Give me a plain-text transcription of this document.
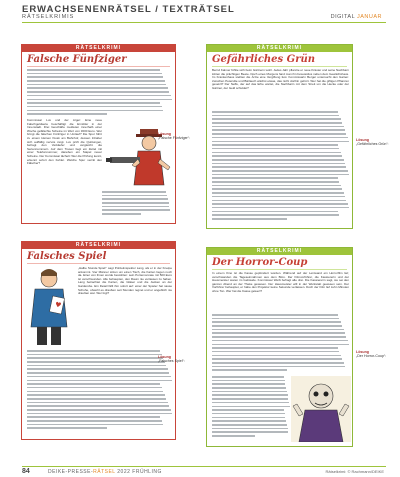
ERWACHSENENRÄTSEL / TEXTRÄTSEL
RÄTSELKRIMIS	DIGITAL JANUAR
RÄTSELKRIMI
Falsche Fünfziger
Kommissar Lux und der Ärger: Eine neue Falschgeldserie beschäftigt die Ermittler in der Innenstadt. Drei Geschäfte meldeten innerhalb einer Woche gefälschte Scheine im Wert von 3000 Euro. Wer bringt die falschen Fünfziger in Umlauf? Die Spur führt zu einem kleinen Kiosk am Bahnhof, dessen Inhaber sich auffällig nervös zeigt. Lux prüft die Quittungen, befragt den Verkäufer und vergleicht die Seriennummern. Auf dem Tresen liegt ein Zettel mit einer Telefonnummer, daneben ein Stapel neuer Scheine. Der Kommissar lächelt: Wer die Prüfung kennt, erkennt sofort den Fehler. Welche Spur verrät den Fälscher?
Lösung
„Falsche Fünfziger“:
RÄTSELKRIMI
Gefährliches Grün
Bernd Kalmer fühlte sich beim Gärtnern wohl. Jedes Jahr pflanzte er neue Kräuter und seine Nachbarn lobten die prächtigen Beete. Doch eines Morgens fand man ihn bewusstlos neben dem Gewächshaus. Im Krankenhaus stellten die Ärzte eine Vergiftung fest. Kommissarin Berger untersucht den Garten: zwischen Petersilie und Bärlauch wächst etwas, das nicht dorthin gehört. Wer hat die giftigen Pflanzen gesetzt? Der Neffe, der auf das Erbe wartet, die Nachbarin mit dem Streit um die Hecke oder der Gärtner, der Geld schuldet?
Lösung
„Gefährliches Grün“:
RÄTSELKRIMI
Falsches Spiel
♥
„Halbe Stunde Spiel!“ sagt Polizeiinspektor Lang, als er in der Kneipe ankommt. Vier Männer sitzen um einen Tisch, die Karten liegen noch da. Einer von ihnen wurde bestohlen: sein Portemonnaie mit 500 Euro ist verschwunden. Alle behaupten, den Raum nie verlassen zu haben. Lang betrachtet die Karten, die Gläser und die Jacken an der Garderobe. Ein Detail fällt ihm sofort auf: einer der Spieler hat nasse Schuhe, obwohl es draußen seit Stunden regnet und er angeblich nie draußen war. Wer lügt?
Lösung
„Falsches Spiel“:
RÄTSELKRIMI
Der Horror-Coup
In einem Kino ist die Kasse geplündert worden. Während auf der Leinwand ein Horrorfilm lief, verschwanden die Tageseinnahmen aus dem Büro. Der Filmvorführer, die Kassiererin und der Hausmeister waren im Gebäude. Kommissar Weiß befragt alle drei. Die Kassiererin sagt, sie sei den ganzen Abend an der Theke gewesen. Der Hausmeister will in der Werkstatt gewesen sein. Der Vorführer behauptet, er habe den Projektor keine Sekunde verlassen. Doch der Film lief zehn Minuten ohne Ton. Wer hat die Kasse geleert?
Lösung
„Der Horror-Coup“:
84	DEIKE-PRESSE-RÄTSEL 2022 FRÜHLING	Rätselkrimi: © Rachmann/DEIKE
